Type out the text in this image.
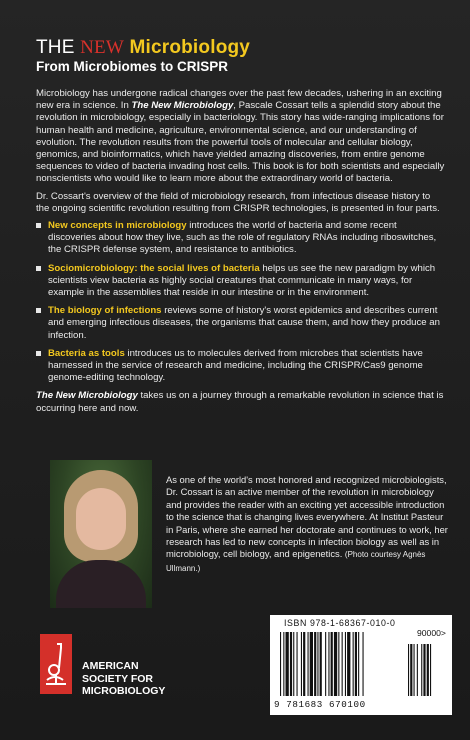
THE NEW Microbiology
From Microbiomes to CRISPR

Microbiology has undergone radical changes over the past few decades, ushering in an exciting new era in science. In The New Microbiology, Pascale Cossart tells a splendid story about the revolution in microbiology, especially in bacteriology. This story has wide-ranging implications for human health and medicine, agriculture, environmental science, and our understanding of evolution. The revolution results from the powerful tools of molecular and cellular biology, genomics, and bioinformatics, which have yielded amazing discoveries, from entire genome sequences to video of bacteria invading host cells. This book is for both scientists and especially nonscientists who would like to learn more about the extraordinary world of bacteria.

Dr. Cossart's overview of the field of microbiology research, from infectious disease history to the ongoing scientific revolution resulting from CRISPR technologies, is presented in four parts.

New concepts in microbiology introduces the world of bacteria and some recent discoveries about how they live, such as the role of regulatory RNAs including riboswitches, the CRISPR defense system, and resistance to antibiotics.
Sociomicrobiology: the social lives of bacteria helps us see the new paradigm by which scientists view bacteria as highly social creatures that communicate in many ways, for example in the assemblies that reside in our intestine or in the environment.
The biology of infections reviews some of history's worst epidemics and describes current and emerging infectious diseases, the organisms that cause them, and how they produce an infection.
Bacteria as tools introduces us to molecules derived from microbes that scientists have harnessed in the service of research and medicine, including the CRISPR/Cas9 genome genome-editing technology.

The New Microbiology takes us on a journey through a remarkable revolution in science that is occurring here and now.

As one of the world's most honored and recognized microbiologists, Dr. Cossart is an active member of the revolution in microbiology and provides the reader with an exciting yet accessible introduction to the science that is changing lives everywhere. At Institut Pasteur in Paris, where she earned her doctorate and continues to work, her research has led to new concepts in infection biology as well as in microbiology, cell biology, and epigenetics. (Photo courtesy Agnès Ullmann.)
AMERICAN
SOCIETY FOR
MICROBIOLOGY
ISBN 978-1-68367-010-0
90000>
9 781683 670100
